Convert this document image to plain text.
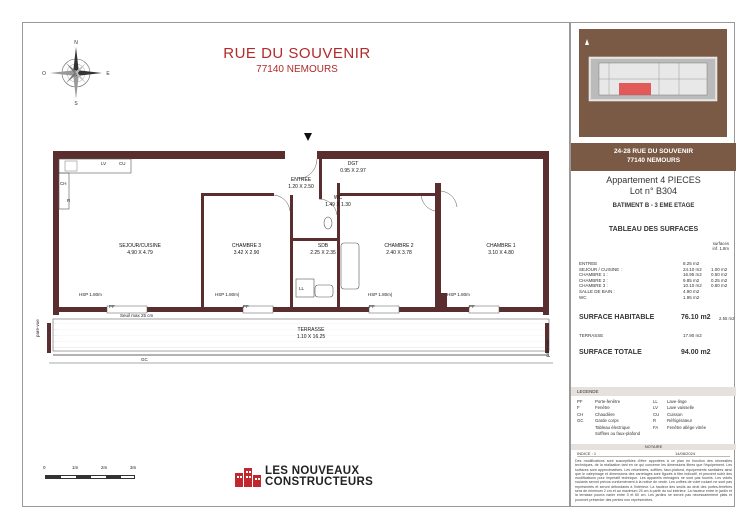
RUE DU SOUVENIR
77140 NEMOURS
N
S
O	E
ENTREE
1.20 X 2.50
DGT
0.95 X 2.97
WC
1.49 X 1.30
SEJOUR/CUISINE
4.90 X 4.79
CHAMBRE 3
3.42 X 2.90
SDB
2.25 X 2.35
CHAMBRE 2
2.40 X 3.78
CHAMBRE 1
3.10 X 4.80
TERRASSE
1.10 X 16.25
LV	CU
CH
R
LL
HSP 1.80m	HSP 1.80m|	HSP 1.80m|	HSP 1.80m
PF	PF	PF	PF
Seuil max 25 cm
GC
pare-vue
pare-vue
0	1m	2m	3m	LES NOUVEAUX
CONSTRUCTEURS
24-28 RUE DU SOUVENIR
77140 NEMOURS
Appartement 4 PIECES
Lot n° B304
BATIMENT B - 3 EME ETAGE
TABLEAU DES SURFACES
surfaces
inf. 1.8m
ENTREE	8.25 m2
SEJOUR / CUISINE :	24.10 m2 1.00 m2
CHAMBRE 1 :	16.95 m2 0.50 m2
CHAMBRE 2 :	9.85 m2	0.25 m2
CHAMBRE 3 :	10.10 m2 0.80 m2
SALLE DE BAIN :	4.90 m2
WC	1.95 m2
SURFACE HABITABLE	76.10 m2	2.55 m2
TERRASSE	17.90 m2
SURFACE TOTALE	94.00 m2
LEGENDE
PF	Porte-fenêtre	LL Lave-linge
F	Fenêtre	LV Lave vaisselle
CH	Chaudière	CU Cuisson
GC	Garde corps	R	Réfrigérateur
Tableau électrique	FA Fenêtre allège vitrée
Soffites ou faux-plafond
NOTAIRE
INDICE : 1	14/08/2024
Des modifications sont susceptibles d'être apportées à ce plan en fonction des nécessités techniques, de la réalisation tant en ce qui concerne les dimensions libres que l'équipement. Les surfaces sont approximatives. Les retombées, soffites, faux-plafond, équipements sanitaires ainsi que le calepinage et dimensions des carrelages sont figurés à titre indicatif, et peuvent subir des modifications pour impératif technique. Les appareils ménagers ne sont pas fournis. Les volets roulants seront prévus conformément à la notice de vente. Les coffres de volet roulant ne sont pas représentés et seront débordants à l'intérieur. La hauteur des seuils au droit des portes-fenêtres sera de minimum 2 cm et au maximum 25 cm à partir du sol intérieur. La hauteur entre le jardin et la terrasse pourra varier entre 0 et 60 cm. Les jardins ne seront pas nécessairement plats et pourront présenter des pentes non représentées.
